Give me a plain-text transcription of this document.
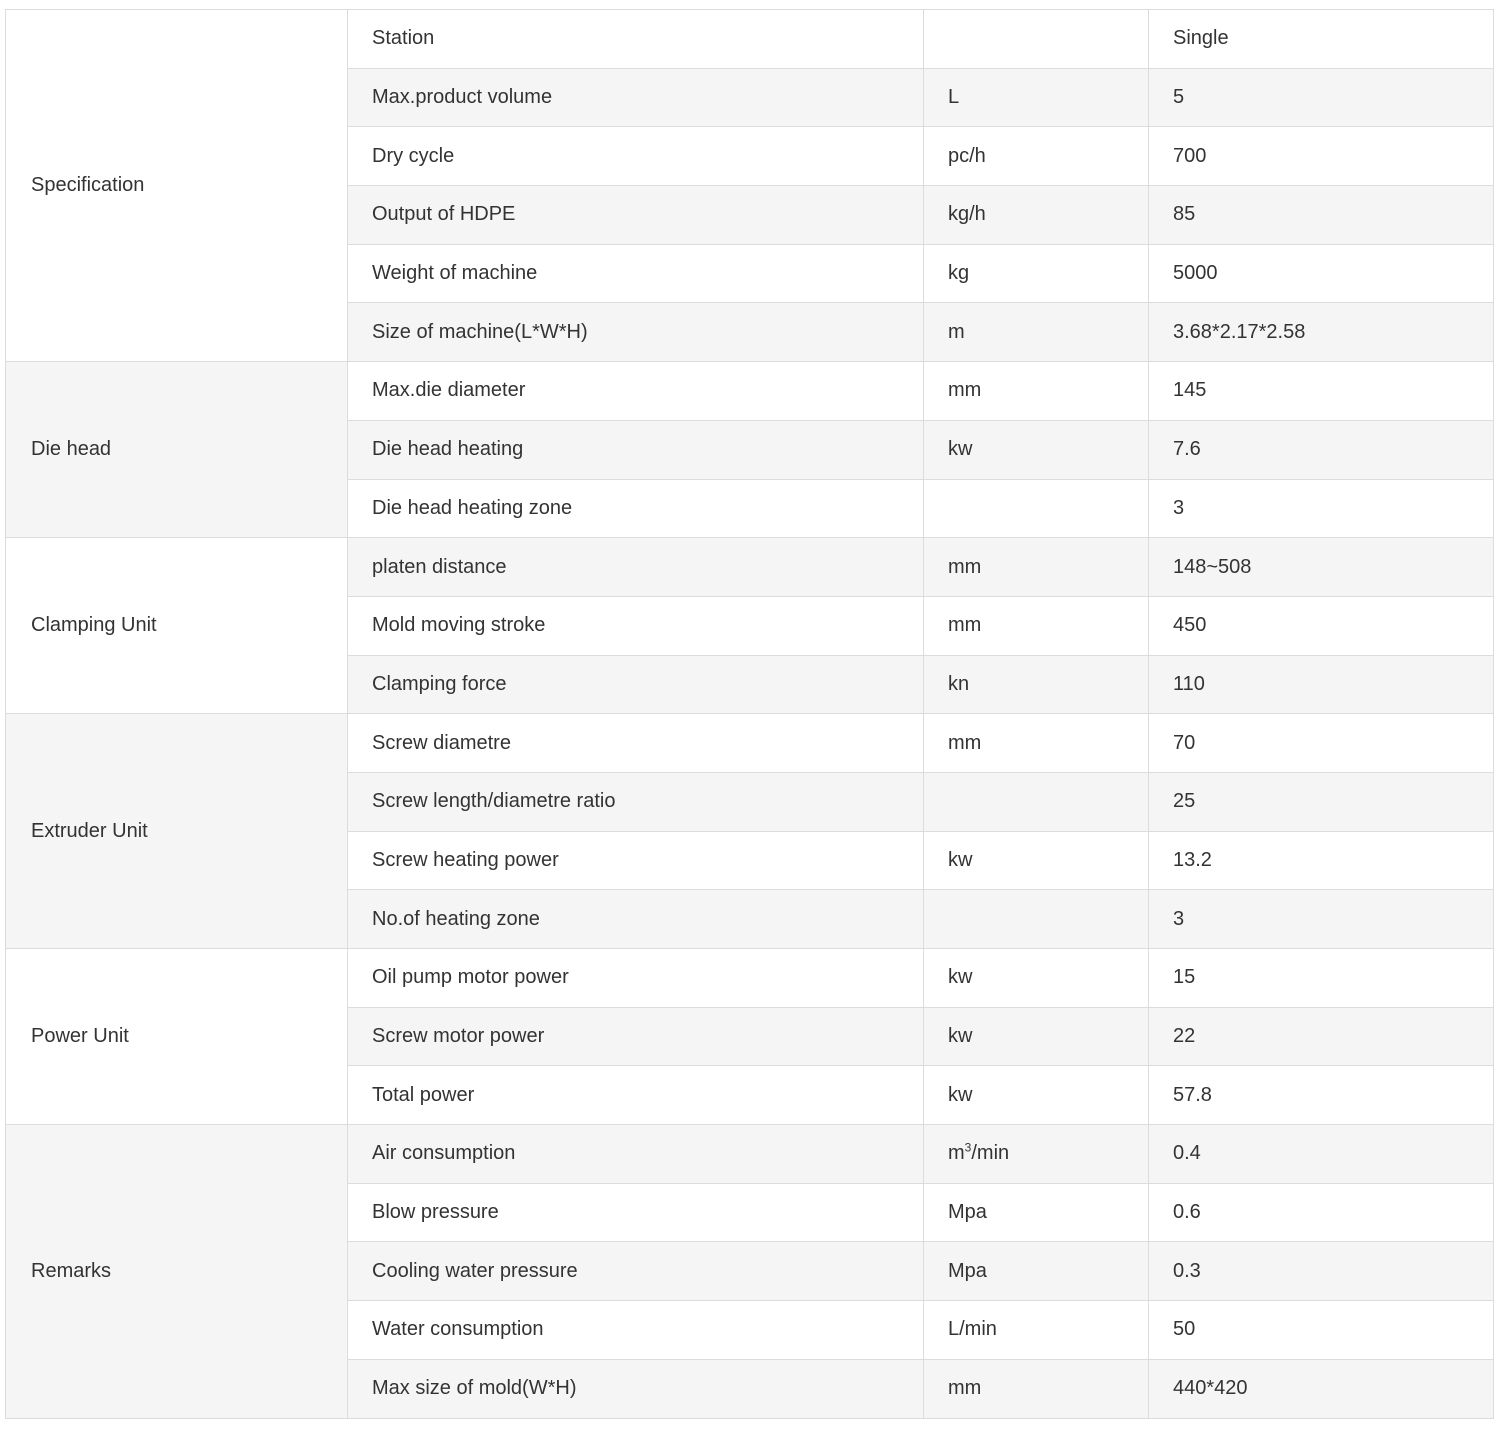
Specification	Station		Single
	Max.product volume	L	5
	Dry cycle	pc/h	700
	Output of HDPE	kg/h	85
	Weight of machine	kg	5000
	Size of machine(L*W*H)	m	3.68*2.17*2.58
Die head	Max.die diameter	mm	145
	Die head heating	kw	7.6
	Die head heating zone		3
Clamping Unit	platen distance	mm	148~508
	Mold moving stroke	mm	450
	Clamping force	kn	110
Extruder Unit	Screw diametre	mm	70
	Screw length/diametre ratio		25
	Screw heating power	kw	13.2
	No.of heating zone		3
Power Unit	Oil pump motor power	kw	15
	Screw motor power	kw	22
	Total power	kw	57.8
Remarks	Air consumption	$m^3/\min$	0.4
	Blow pressure	Mpa	0.6
	Cooling water pressure	Mpa	0.3
	Water consumption	L/min	50
	Max size of mold(W*H)	mm	440*420
